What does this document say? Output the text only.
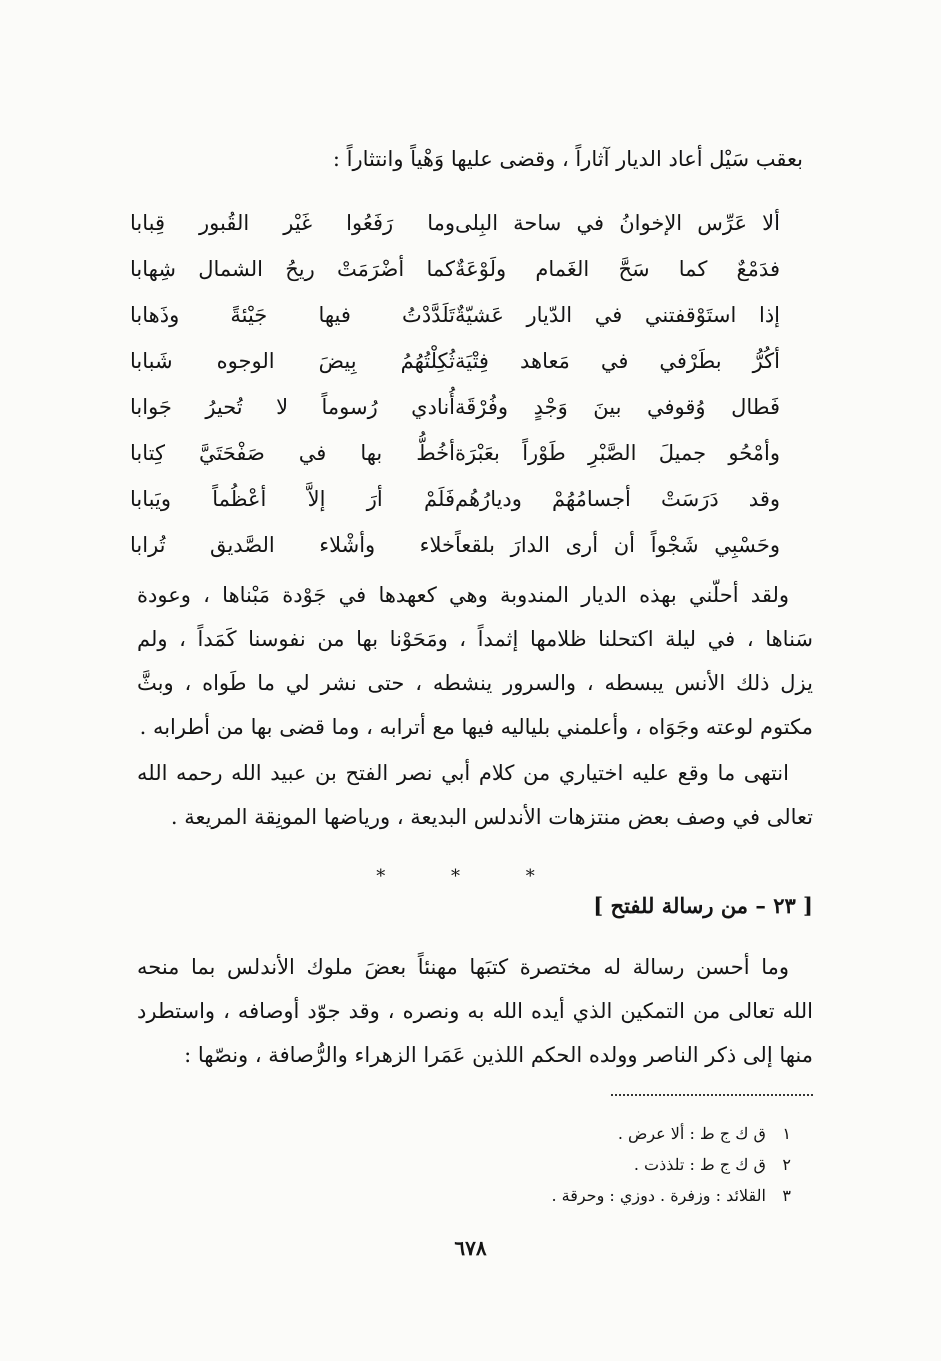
بعقب سَيْل أعاد الديار آثاراً ، وقضى عليها وَهْياً وانتثاراً :
ألا عَرِّس الإخوانُ في ساحة البِلى
وما رَفَعُوا غَيْر القُبور قِبابا
فدَمْعٌ كما سَحَّ الغَمام ولَوْعَةٌ
كما أضْرَمَتْ ريحُ الشمال شِهابا
إذا استَوْقفتني في الدّيار عَشيّةٌ
تَلَدَّدْتُ فيها جَيْئةً وذَهابا
أكُرُّ بطَرْفي في مَعاهد فِتْيَة
ثُكِلْتُهُمُ بِيضَ الوجوه شَبابا
فَطال وُقوفي بينَ وَجْدٍ وفُرْقَة
أُنادي رُسوماً لا تُحيرُ جَوابا
وأمْحُو جميلَ الصَّبْرِ طَوْراً بعَبْرَة
أخُطُّ بها في صَفْحَتَيَّ كِتابا
وقد دَرَسَتْ أجسامُهُمْ وديارُهُم
فَلَمْ أرَ إلاَّ أعْظُماً ويَبابا
وحَسْبِي شَجْواً أن أرى الدارَ بلقعاً
خلاء وأشْلاء الصَّديق تُرابا
ولقد أحلّني بهذه الديار المندوبة وهي كعهدها في جَوْدة مَبْناها ، وعودة
سَناها ، في ليلة اكتحلنا ظلامها إثمداً ، ومَحَوْنا بها من نفوسنا كَمَداً ، ولم
يزل ذلك الأنس يبسطه ، والسرور ينشطه ، حتى نشر لي ما طَواه ، وبثَّ
مكتوم لوعته وجَوَاه ، وأعلمني بلياليه فيها مع أترابه ، وما قضى بها من أطرابه .
انتهى ما وقع عليه اختياري من كلام أبي نصر الفتح بن عبيد الله رحمه الله
تعالى في وصف بعض منتزهات الأندلس البديعة ، ورياضها المونِقة المريعة .
* * *
[ ٢٣ – من رسالة للفتح ]
وما أحسن رسالة له مختصرة كتبَها مهنئاً بعضَ ملوك الأندلس بما منحه
الله تعالى من التمكين الذي أيده الله به ونصره ، وقد جوّد أوصافه ، واستطرد
منها إلى ذكر الناصر وولده الحكم اللذين عَمَرا الزهراء والرُّصافة ، ونصّها :
١ ق ك ج ط : ألا عرض .
٢ ق ك ج ط : تلذذت .
٣ القلائد : وزفرة . دوزي : وحرقة .
٦٧٨
